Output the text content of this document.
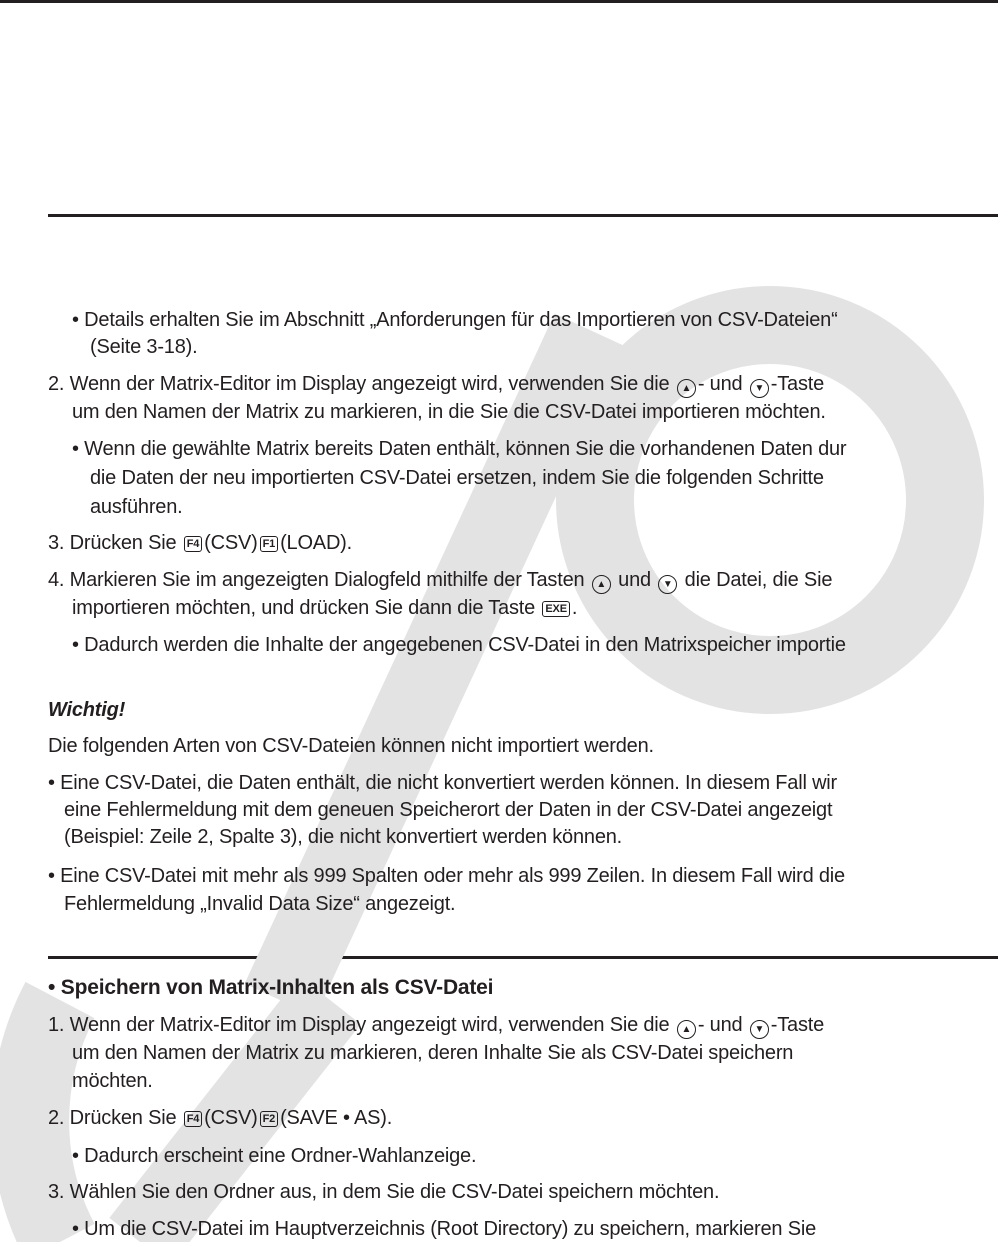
• Details erhalten Sie im Abschnitt „Anforderungen für das Importieren von CSV-Dateien“
(Seite 3-18).
2. Wenn der Matrix-Editor im Display angezeigt wird, verwenden Sie die ▲ - und ▼ -Taste
um den Namen der Matrix zu markieren, in die Sie die CSV-Datei importieren möchten.
• Wenn die gewählte Matrix bereits Daten enthält, können Sie die vorhandenen Daten dur
die Daten der neu importierten CSV-Datei ersetzen, indem Sie die folgenden Schritte
ausführen.
3. Drücken Sie F4 (CSV) F1 (LOAD).
4. Markieren Sie im angezeigten Dialogfeld mithilfe der Tasten ▲ und ▼ die Datei, die Sie
importieren möchten, und drücken Sie dann die Taste EXE .
• Dadurch werden die Inhalte der angegebenen CSV-Datei in den Matrixspeicher importie
Wichtig!
Die folgenden Arten von CSV-Dateien können nicht importiert werden.
• Eine CSV-Datei, die Daten enthält, die nicht konvertiert werden können. In diesem Fall wir
eine Fehlermeldung mit dem geneuen Speicherort der Daten in der CSV-Datei angezeigt
(Beispiel: Zeile 2, Spalte 3), die nicht konvertiert werden können.
• Eine CSV-Datei mit mehr als 999 Spalten oder mehr als 999 Zeilen. In diesem Fall wird die
Fehlermeldung „Invalid Data Size“ angezeigt.
• Speichern von Matrix-Inhalten als CSV-Datei
1. Wenn der Matrix-Editor im Display angezeigt wird, verwenden Sie die ▲ - und ▼ -Taste
um den Namen der Matrix zu markieren, deren Inhalte Sie als CSV-Datei speichern
möchten.
2. Drücken Sie F4 (CSV) F2 (SAVE • AS).
• Dadurch erscheint eine Ordner-Wahlanzeige.
3. Wählen Sie den Ordner aus, in dem Sie die CSV-Datei speichern möchten.
• Um die CSV-Datei im Hauptverzeichnis (Root Directory) zu speichern, markieren Sie
